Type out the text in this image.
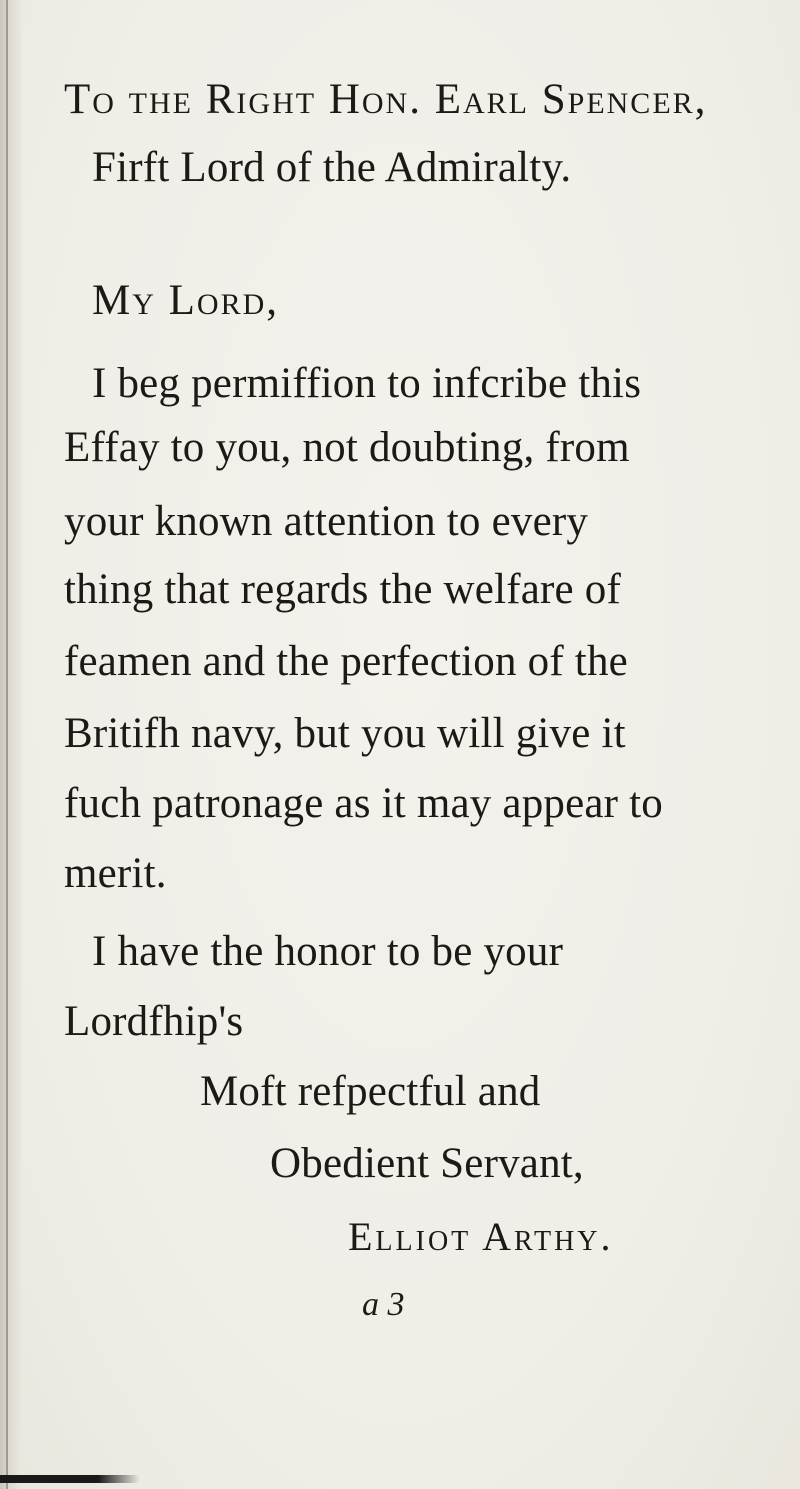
To the Right Hon. Earl Spencer,
Firft Lord of the Admiralty.
My Lord,
I beg permiffion to infcribe this
Effay to you, not doubting, from
your known attention to every
thing that regards the welfare of
feamen and the perfection of the
Britifh navy, but you will give it
fuch patronage as it may appear to
merit.
I have the honor to be your
Lordfhip's
Moft refpectful and
Obedient Servant,
Elliot Arthy.
a 3
